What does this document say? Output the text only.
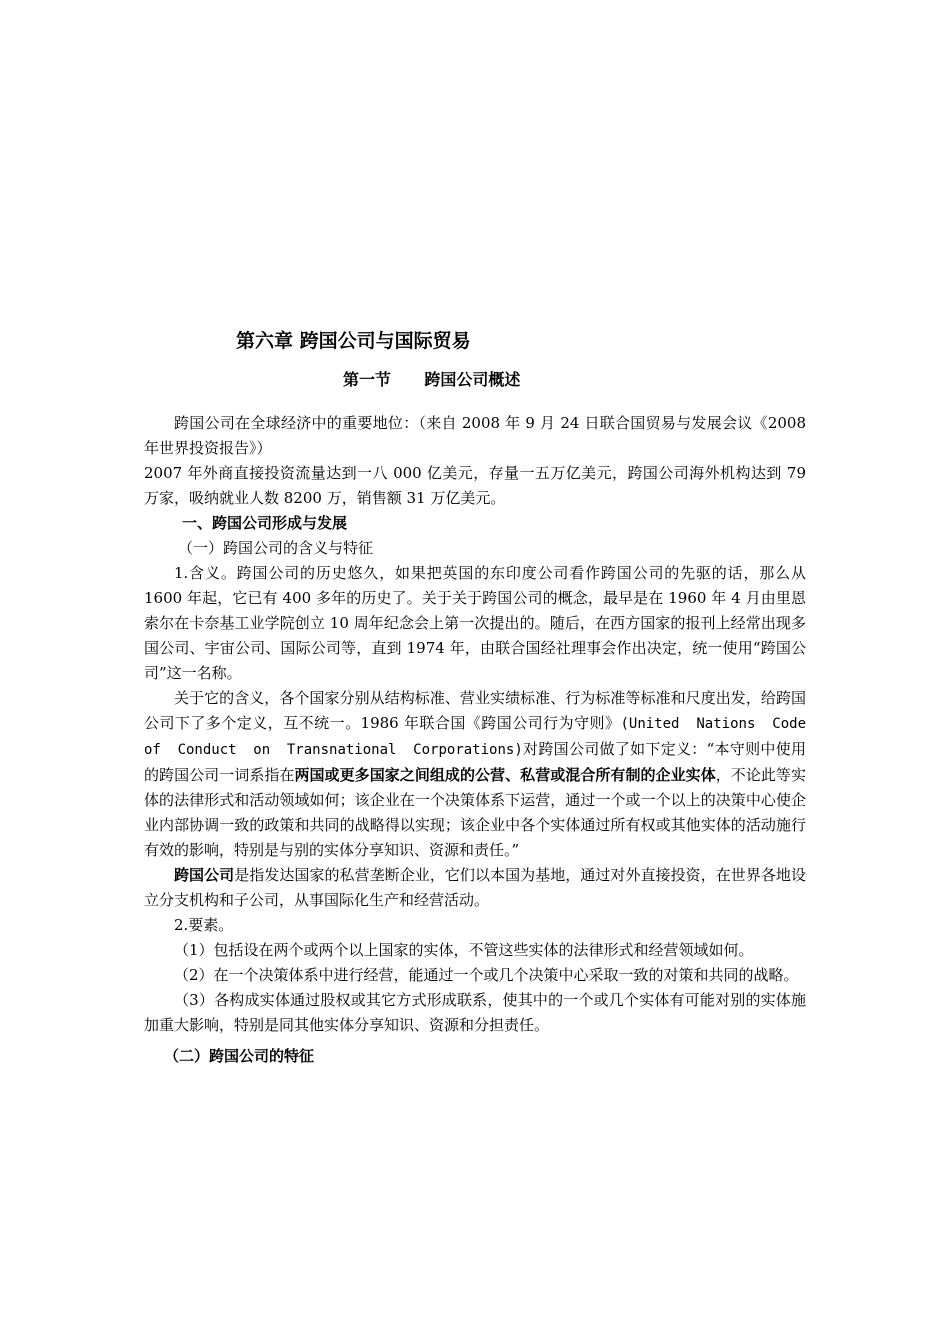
第六章 跨国公司与国际贸易
第一节      跨国公司概述

跨国公司在全球经济中的重要地位：（来自 2008 年 9 月 24 日联合国贸易与发展会议《2008 年世界投资报告》）

2007 年外商直接投资流量达到一八 000 亿美元，存量一五万亿美元，跨国公司海外机构达到 79 万家，吸纳就业人数 8200 万，销售额 31 万亿美元。

一、跨国公司形成与发展

（一）跨国公司的含义与特征

1.含义。跨国公司的历史悠久，如果把英国的东印度公司看作跨国公司的先驱的话，那么从 1600 年起，它已有 400 多年的历史了。关于关于跨国公司的概念，最早是在 1960 年 4 月由里恩索尔在卡奈基工业学院创立 10 周年纪念会上第一次提出的。随后，在西方国家的报刊上经常出现多国公司、宇宙公司、国际公司等，直到 1974 年，由联合国经社理事会作出决定，统一使用“跨国公司”这一名称。

关于它的含义，各个国家分别从结构标准、营业实绩标准、行为标准等标准和尺度出发，给跨国公司下了多个定义，互不统一。1986 年联合国《跨国公司行为守则》(United Nations Code of Conduct on Transnational Corporations)对跨国公司做了如下定义：“本守则中使用的跨国公司一词系指在两国或更多国家之间组成的公营、私营或混合所有制的企业实体，不论此等实体的法律形式和活动领域如何；该企业在一个决策体系下运营，通过一个或一个以上的决策中心使企业内部协调一致的政策和共同的战略得以实现；该企业中各个实体通过所有权或其他实体的活动施行有效的影响，特别是与别的实体分享知识、资源和责任。”

跨国公司是指发达国家的私营垄断企业，它们以本国为基地，通过对外直接投资，在世界各地设立分支机构和子公司，从事国际化生产和经营活动。

2.要素。

（1）包括设在两个或两个以上国家的实体，不管这些实体的法律形式和经营领域如何。

（2）在一个决策体系中进行经营，能通过一个或几个决策中心采取一致的对策和共同的战略。

（3）各构成实体通过股权或其它方式形成联系，使其中的一个或几个实体有可能对别的实体施加重大影响，特别是同其他实体分享知识、资源和分担责任。

（二）跨国公司的特征
